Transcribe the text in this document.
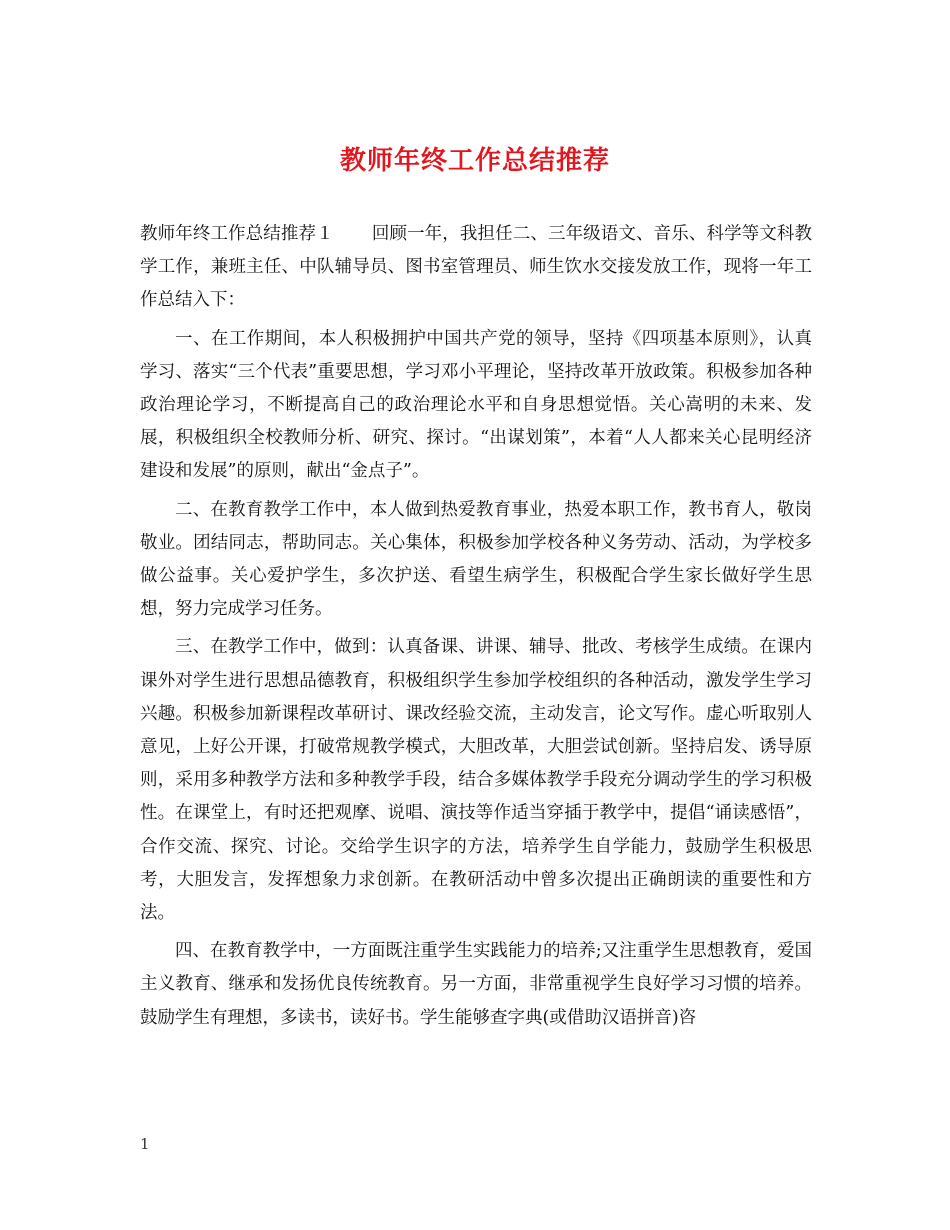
教师年终工作总结推荐

教师年终工作总结推荐１ 回顾一年，我担任二、三年级语文、音乐、科学等文科教学工作，兼班主任、中队辅导员、图书室管理员、师生饮水交接发放工作，现将一年工作总结入下：

一、在工作期间，本人积极拥护中国共产党的领导，坚持《四项基本原则》，认真学习、落实“三个代表”重要思想，学习邓小平理论，坚持改革开放政策。积极参加各种政治理论学习，不断提高自己的政治理论水平和自身思想觉悟。关心嵩明的未来、发展，积极组织全校教师分析、研究、探讨。“出谋划策”，本着“人人都来关心昆明经济建设和发展”的原则，献出“金点子”。

二、在教育教学工作中，本人做到热爱教育事业，热爱本职工作，教书育人，敬岗敬业。团结同志，帮助同志。关心集体，积极参加学校各种义务劳动、活动，为学校多做公益事。关心爱护学生，多次护送、看望生病学生，积极配合学生家长做好学生思想，努力完成学习任务。

三、在教学工作中，做到：认真备课、讲课、辅导、批改、考核学生成绩。在课内课外对学生进行思想品德教育，积极组织学生参加学校组织的各种活动，激发学生学习兴趣。积极参加新课程改革研讨、课改经验交流，主动发言，论文写作。虚心听取别人意见，上好公开课，打破常规教学模式，大胆改革，大胆尝试创新。坚持启发、诱导原则，采用多种教学方法和多种教学手段，结合多媒体教学手段充分调动学生的学习积极性。在课堂上，有时还把观摩、说唱、演技等作适当穿插于教学中，提倡“诵读感悟”，合作交流、探究、讨论。交给学生识字的方法，培养学生自学能力，鼓励学生积极思考，大胆发言，发挥想象力求创新。在教研活动中曾多次提出正确朗读的重要性和方法。

四、在教育教学中，一方面既注重学生实践能力的培养;又注重学生思想教育，爱国主义教育、继承和发扬优良传统教育。另一方面，非常重视学生良好学习习惯的培养。鼓励学生有理想，多读书，读好书。学生能够查字典(或借助汉语拼音)咨

1
